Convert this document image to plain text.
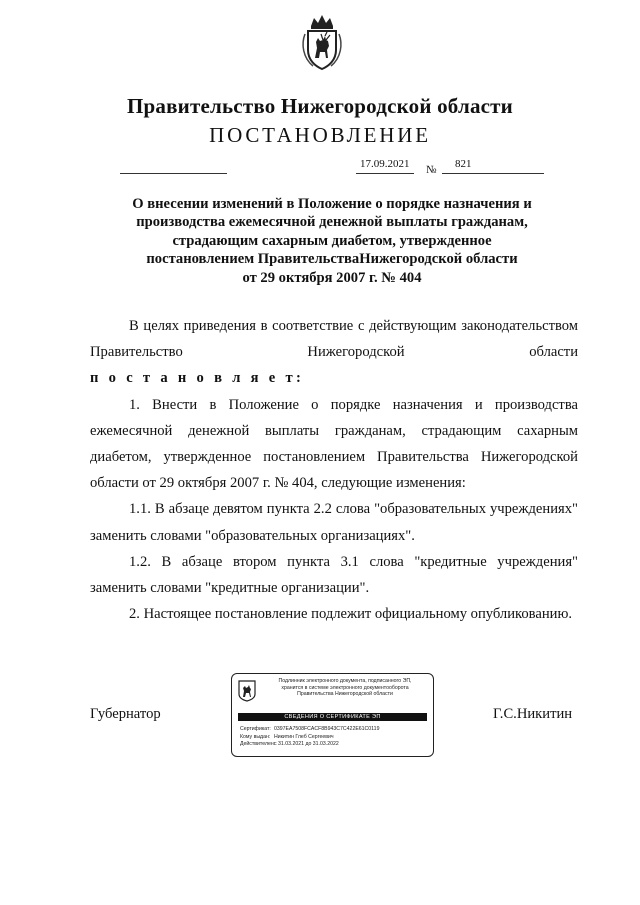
Правительство Нижегородской области
ПОСТАНОВЛЕНИЕ
17.09.2021 № 821
О внесении изменений в Положение о порядке назначения и
производства ежемесячной денежной выплаты гражданам,
страдающим сахарным диабетом, утвержденное
постановлением ПравительстваНижегородской области
от 29 октября 2007 г. № 404

В целях приведения в соответствие с действующим законодательством Правительство Нижегородской области

п о с т а н о в л я е т:

1. Внести в Положение о порядке назначения и производства ежемесячной денежной выплаты гражданам, страдающим сахарным диабетом, утвержденное постановлением Правительства Нижегородской области от 29 октября 2007 г. № 404, следующие изменения:

1.1. В абзаце девятом пункта 2.2 слова "образовательных учреждениях" заменить словами "образовательных организациях".

1.2. В абзаце втором пункта 3.1 слова "кредитные учреждения" заменить словами "кредитные организации".

2. Настоящее постановление подлежит официальному опубликованию.

Губернатор	Г.С.Никитин
Подлинник электронного документа, подписанного ЭП,
хранится в системе электронного документооборота
Правительства Нижегородской области
СВЕДЕНИЯ О СЕРТИФИКАТЕ ЭП
Сертификат: 0397EA7508FCACF8B943C7C422E61C0119
Кому выдан: Никитин Глеб Сергеевич
Действителен:с 31.03.2021 до 31.03.2022
